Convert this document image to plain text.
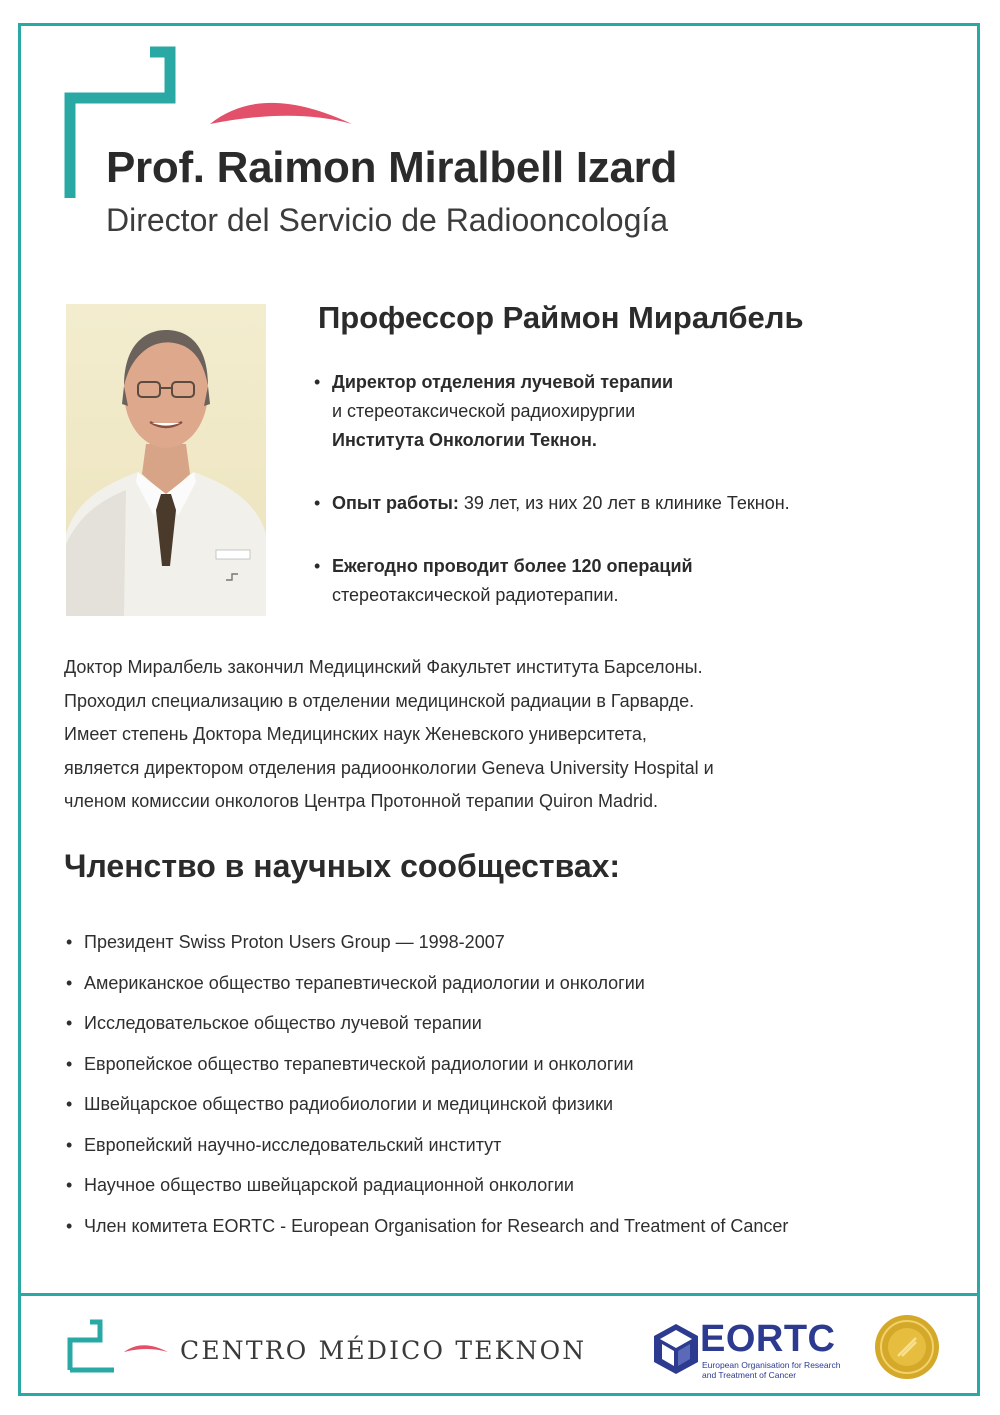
Prof. Raimon Miralbell Izard
Director del Servicio de Radiooncología
Профессор Раймон Миралбель
• Директор отделения лучевой терапии
и стереотаксической радиохирургии
Института Онкологии Текнон.
• Опыт работы: 39 лет, из них 20 лет в клинике Текнон.
• Ежегодно проводит более 120 операций
стереотаксической радиотерапии.
Доктор Миралбель закончил Медицинский Факультет института Барселоны.
Проходил специализацию в отделении медицинской радиации в Гарварде.
Имеет степень Доктора Медицинских наук Женевского университета,
является директором отделения радиоонкологии Geneva University Hospital и
членом комиссии онкологов Центра Протонной терапии Quiron Madrid.
Членство в научных сообществах:
• Президент Swiss Proton Users Group — 1998-2007
• Американское общество терапевтической радиологии и онкологии
• Исследовательское общество лучевой терапии
• Европейское общество терапевтической радиологии и онкологии
• Швейцарское общество радиобиологии и медицинской физики
• Европейский научно-исследовательский институт
• Научное общество швейцарской радиационной онкологии
• Член комитета EORTC - European Organisation for Research and Treatment of Cancer
CENTRO MÉDICO TEKNON	EORTC
European Organisation for Research and Treatment of Cancer
